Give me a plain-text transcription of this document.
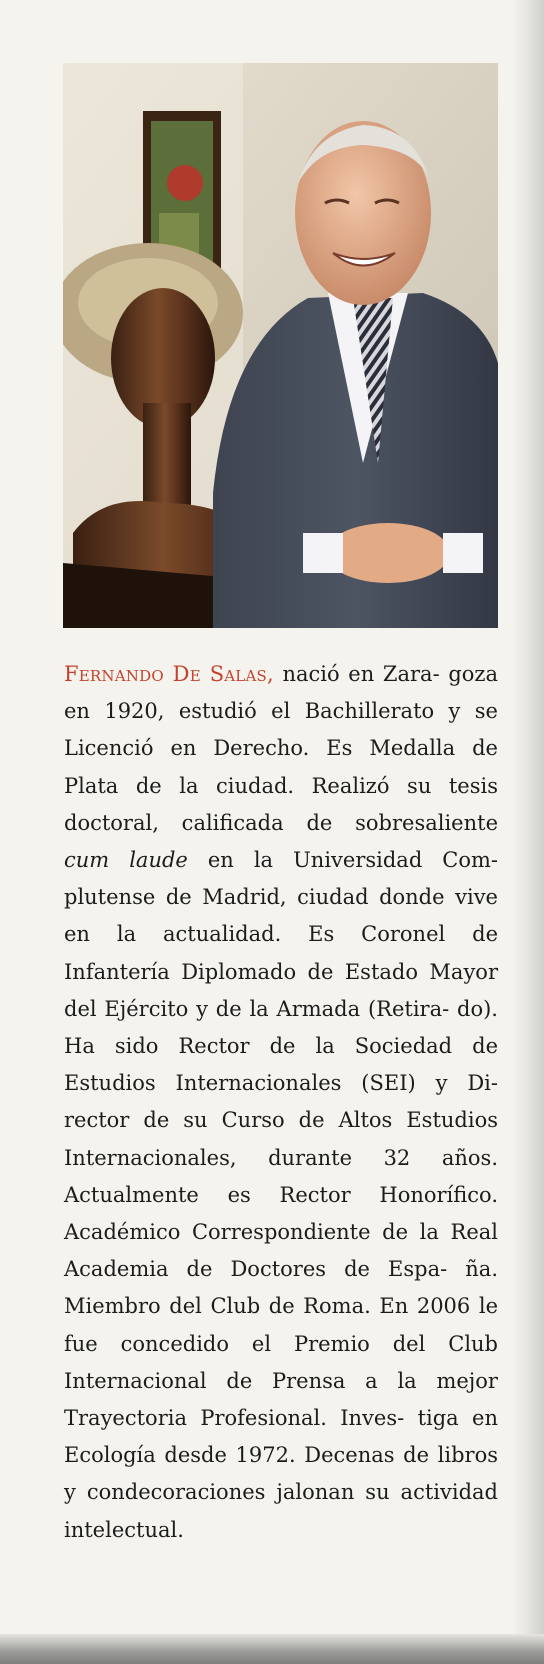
Fernando De Salas, nació en Zara- goza en 1920, estudió el Bachillerato y se Licenció en Derecho. Es Medalla de Plata de la ciudad. Realizó su tesis doctoral, calificada de sobresaliente cum laude en la Universidad Com- plutense de Madrid, ciudad donde vive en la actualidad. Es Coronel de Infantería Diplomado de Estado Mayor del Ejército y de la Armada (Retira- do). Ha sido Rector de la Sociedad de Estudios Internacionales (SEI) y Di- rector de su Curso de Altos Estudios Internacionales, durante 32 años. Actualmente es Rector Honorífico. Académico Correspondiente de la Real Academia de Doctores de Espa- ña. Miembro del Club de Roma. En 2006 le fue concedido el Premio del Club Internacional de Prensa a la mejor Trayectoria Profesional. Inves- tiga en Ecología desde 1972. Decenas de libros y condecoraciones jalonan su actividad intelectual.
